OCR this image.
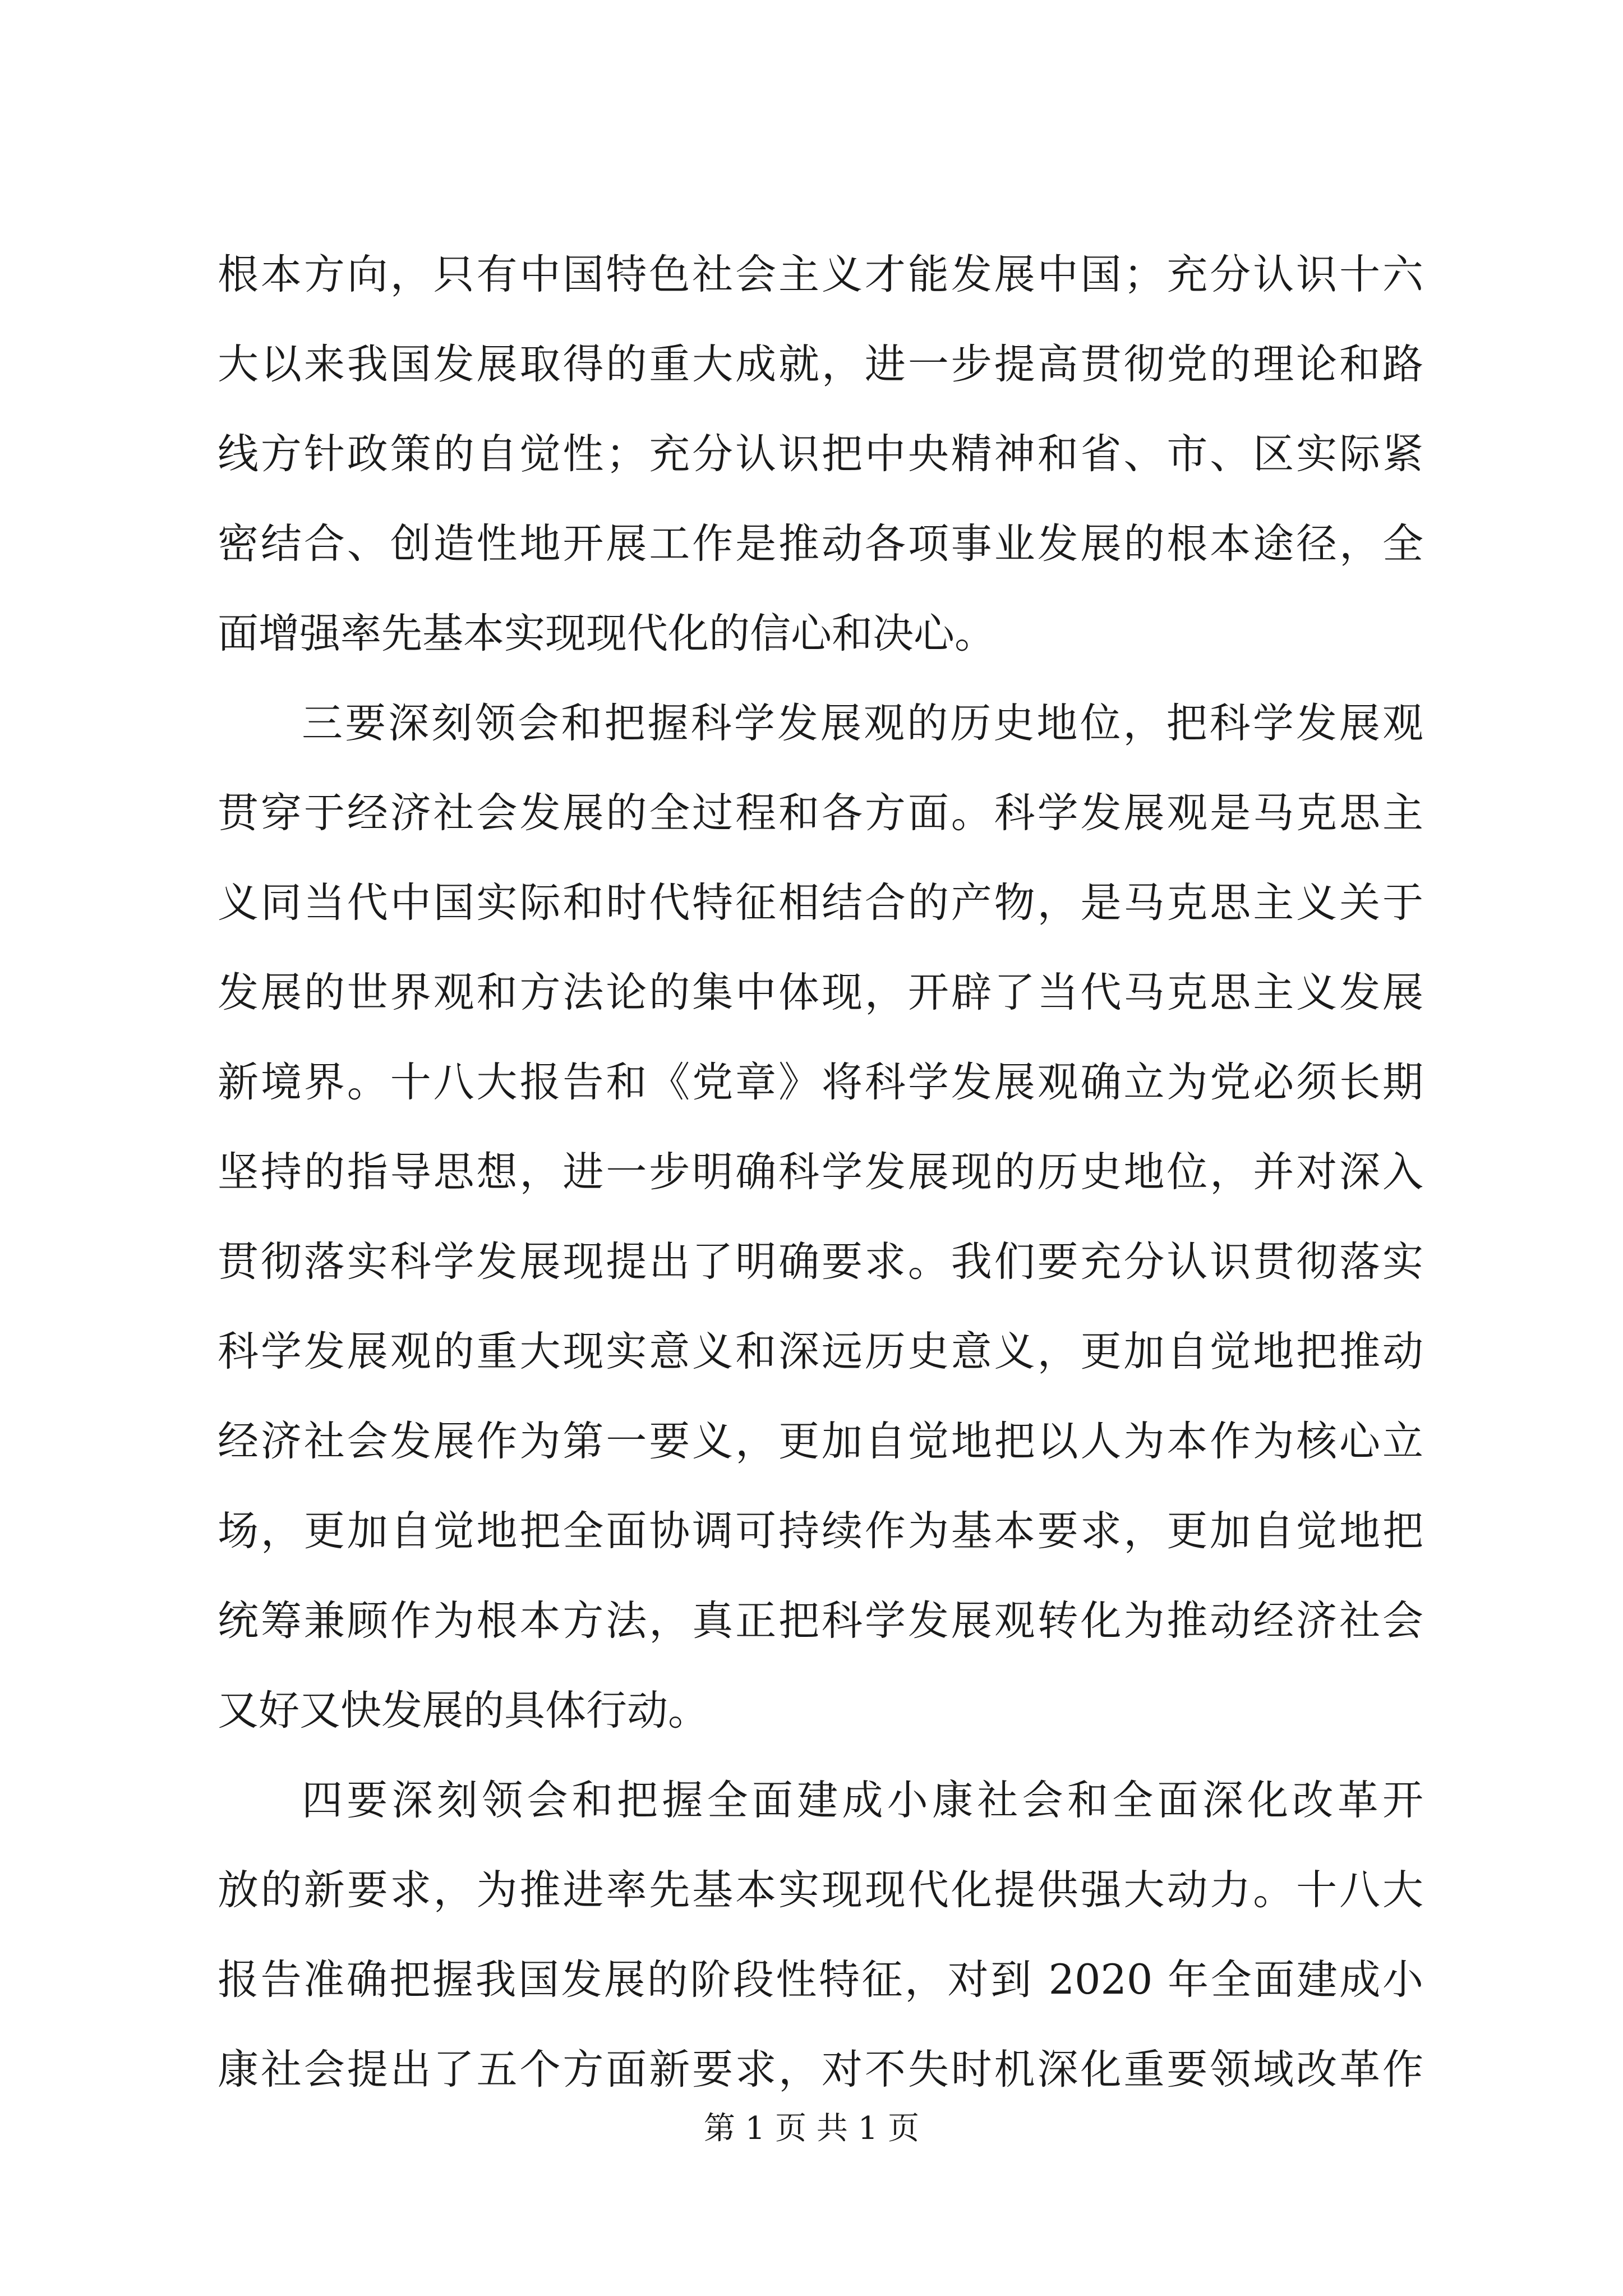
根本方向，只有中国特色社会主义才能发展中国；充分认识十六
大以来我国发展取得的重大成就，进一步提高贯彻党的理论和路
线方针政策的自觉性；充分认识把中央精神和省、市、区实际紧
密结合、创造性地开展工作是推动各项事业发展的根本途径，全
面增强率先基本实现现代化的信心和决心。
三要深刻领会和把握科学发展观的历史地位，把科学发展观
贯穿于经济社会发展的全过程和各方面。科学发展观是马克思主
义同当代中国实际和时代特征相结合的产物，是马克思主义关于
发展的世界观和方法论的集中体现，开辟了当代马克思主义发展
新境界。十八大报告和《党章》将科学发展观确立为党必须长期
坚持的指导思想，进一步明确科学发展现的历史地位，并对深入
贯彻落实科学发展现提出了明确要求。我们要充分认识贯彻落实
科学发展观的重大现实意义和深远历史意义，更加自觉地把推动
经济社会发展作为第一要义，更加自觉地把以人为本作为核心立
场，更加自觉地把全面协调可持续作为基本要求，更加自觉地把
统筹兼顾作为根本方法，真正把科学发展观转化为推动经济社会
又好又快发展的具体行动。
四要深刻领会和把握全面建成小康社会和全面深化改革开
放的新要求，为推进率先基本实现现代化提供强大动力。十八大
报告准确把握我国发展的阶段性特征，对到 2020 年全面建成小
康社会提出了五个方面新要求，对不失时机深化重要领域改革作
第 1 页 共 1 页
